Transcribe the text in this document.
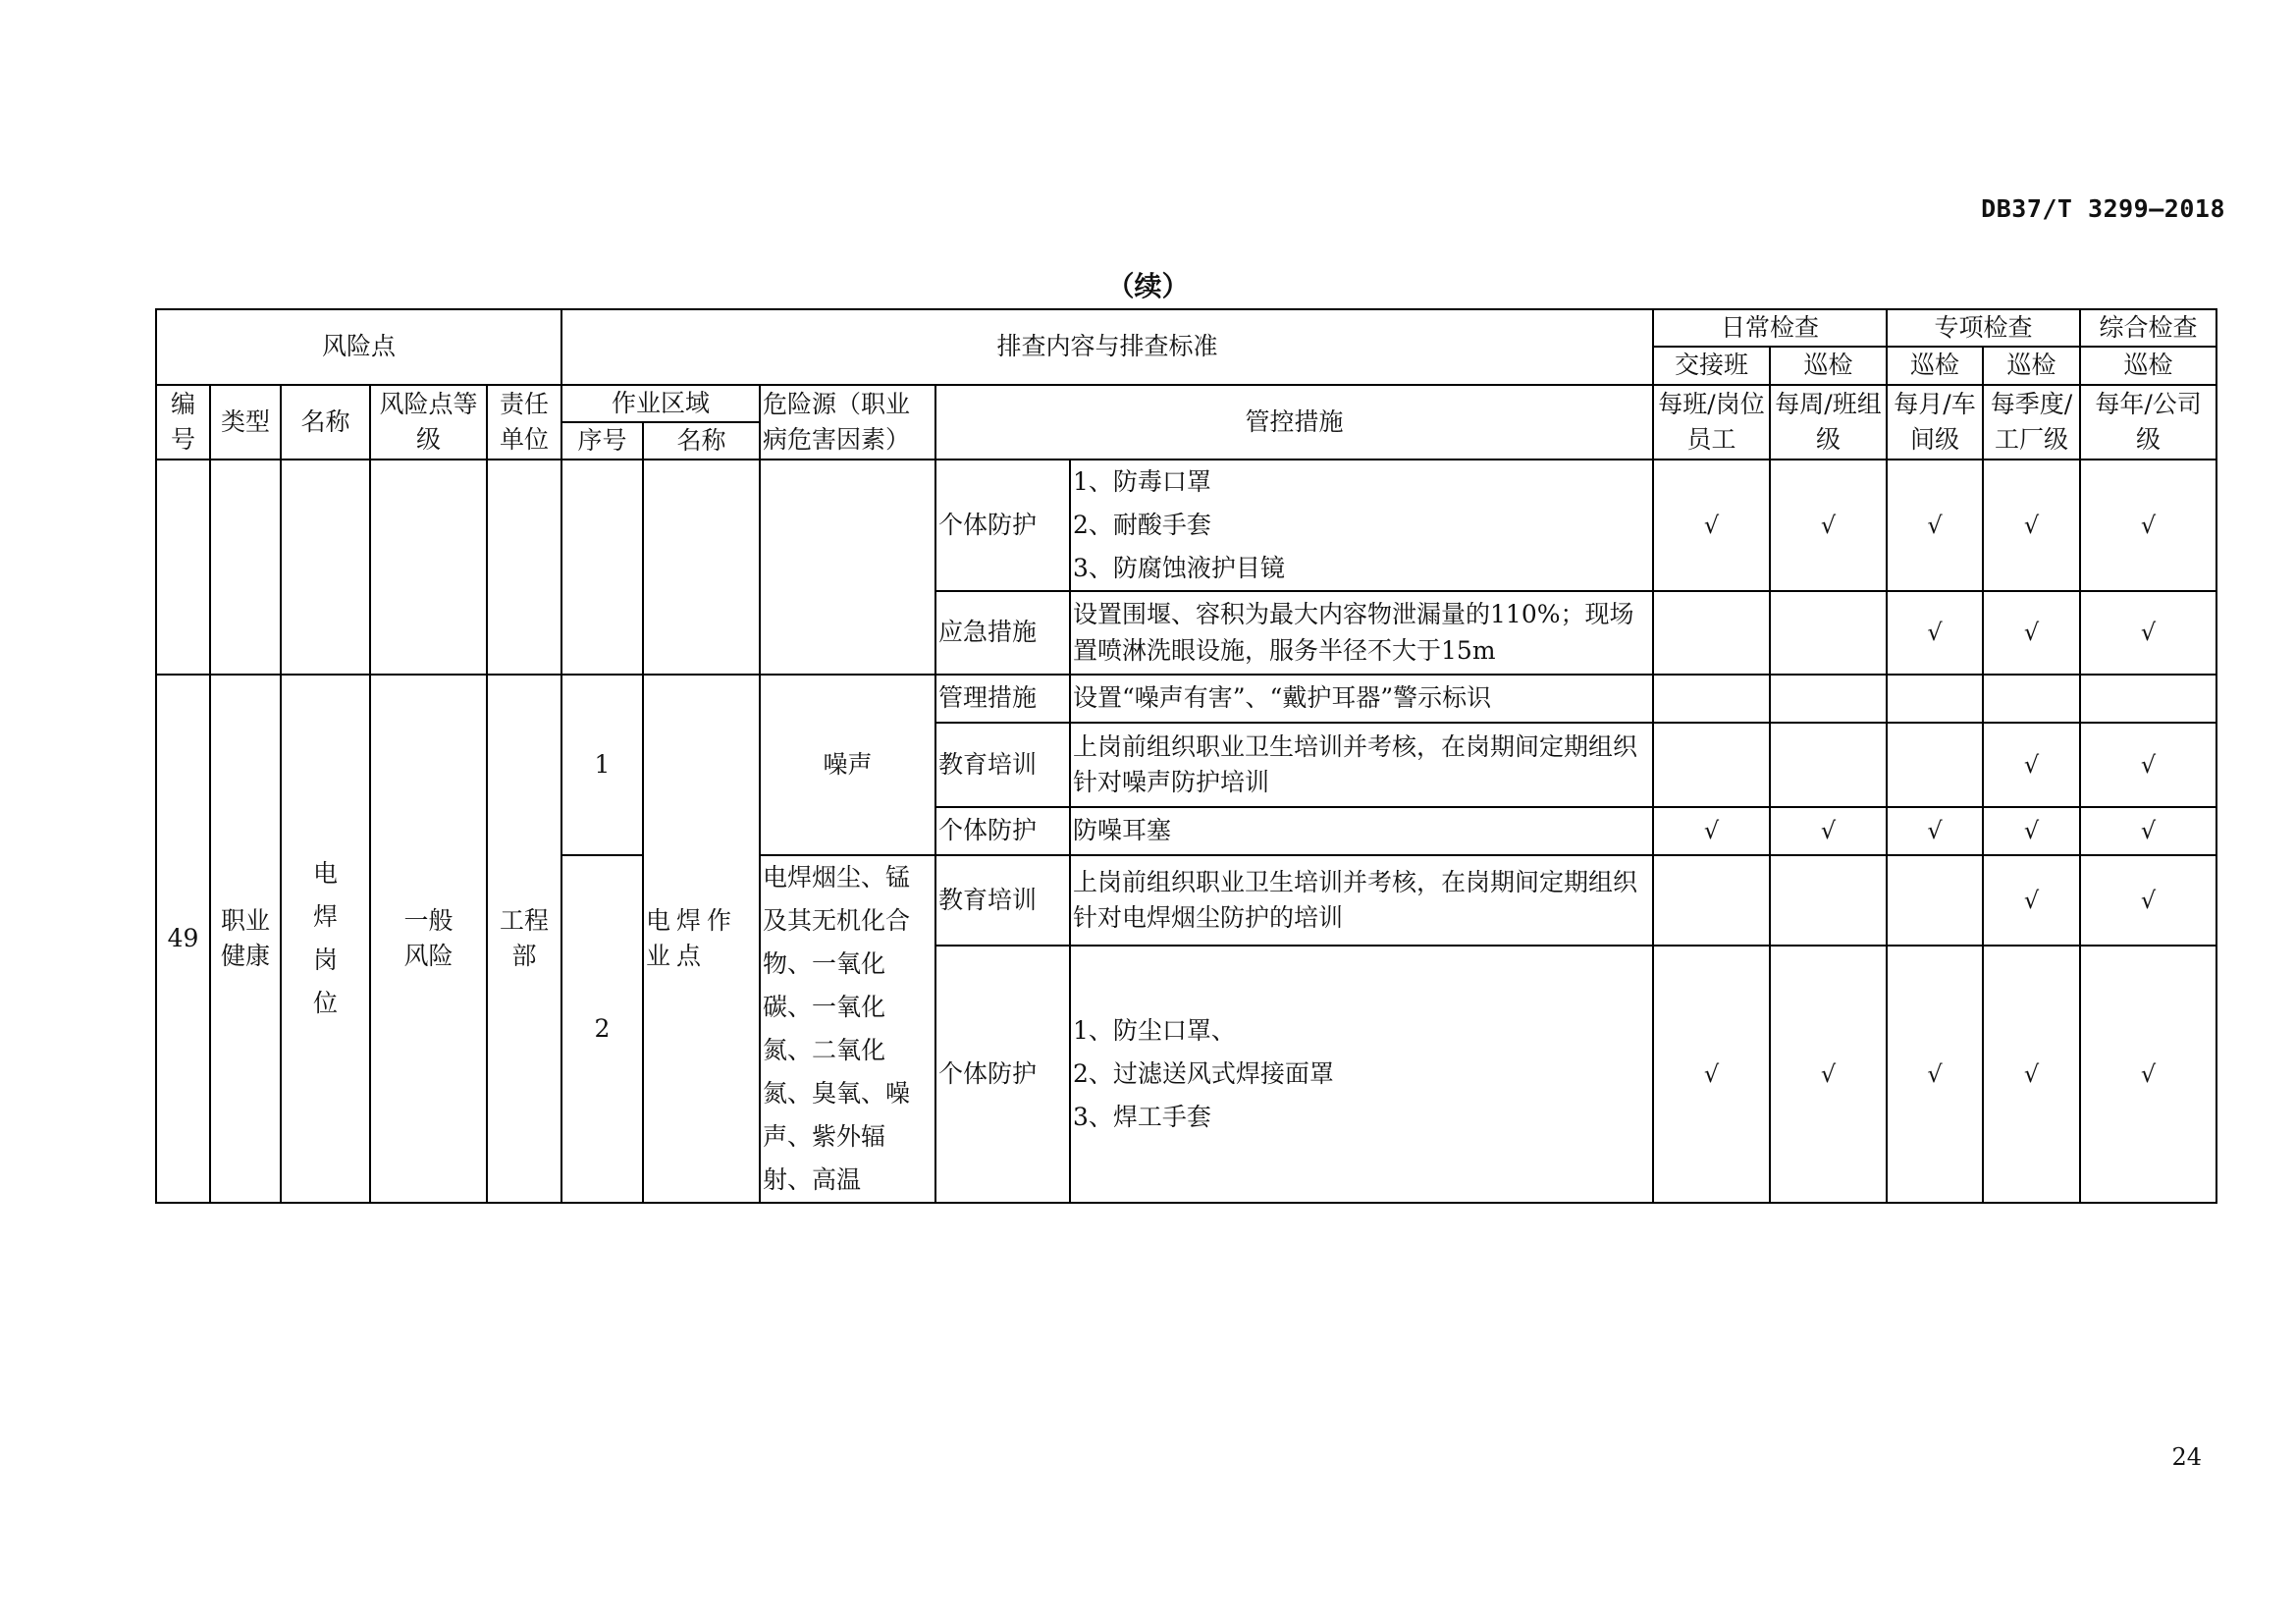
DB37/T 3299—2018
（续）
风险点					排查内容与排查标准					日常检查		专项检查		综合检查
										交接班	巡检	巡检	巡检	巡检
编号	类型	名称	风险点等级	责任单位	作业区域		危险源（职业病危害因素）	管控措施		每班/岗位员工	每周/班组级	每月/车间级	每季度/工厂级	每年/公司级
					序号	名称								
								个体防护	1、防毒口罩
2、耐酸手套
3、防腐蚀液护目镜	√	√	√	√	√
								应急措施	设置围堰、容积为最大内容物泄漏量的110%；现场置喷淋洗眼设施，服务半径不大于15m			√	√	√
49	职业健康	电焊岗位	一般风险	工程部	1	电焊作业点	噪声	管理措施	设置“噪声有害”、“戴护耳器”警示标识					
								教育培训	上岗前组织职业卫生培训并考核，在岗期间定期组织针对噪声防护培训				√	√
								个体防护	防噪耳塞	√	√	√	√	√
					2		电焊烟尘、锰及其无机化合物、一氧化碳、一氧化氮、二氧化氮、臭氧、噪声、紫外辐射、高温	教育培训	上岗前组织职业卫生培训并考核，在岗期间定期组织针对电焊烟尘防护的培训				√	√
								个体防护	1、防尘口罩、
2、过滤送风式焊接面罩
3、焊工手套	√	√	√	√	√
24
